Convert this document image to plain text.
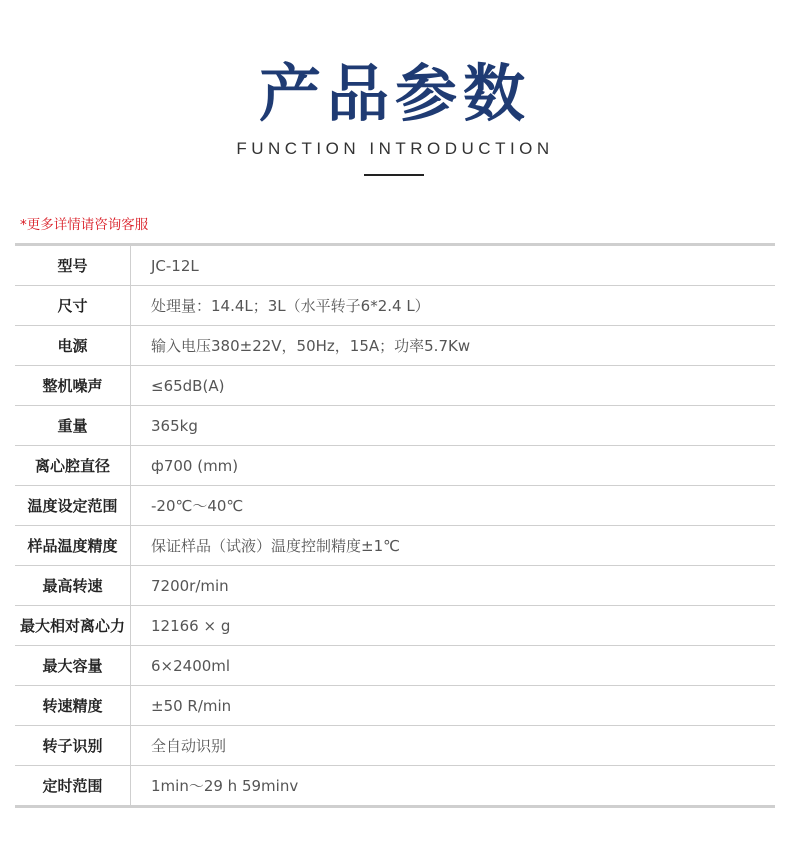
产品参数
FUNCTION INTRODUCTION
*更多详情请咨询客服
型号	JC-12L
尺寸	处理量：14.4L；3L（水平转子6*2.4 L）
电源	输入电压380±22V，50Hz，15A；功率5.7Kw
整机噪声	≤65dB(A)
重量	365kg
离心腔直径	ф700 (mm)
温度设定范围	-20℃～40℃
样品温度精度	保证样品（试液）温度控制精度±1℃
最高转速	7200r/min
最大相对离心力	12166 × g
最大容量	6×2400ml
转速精度	±50 R/min
转子识别	全自动识别
定时范围	1min～29 h 59minv
